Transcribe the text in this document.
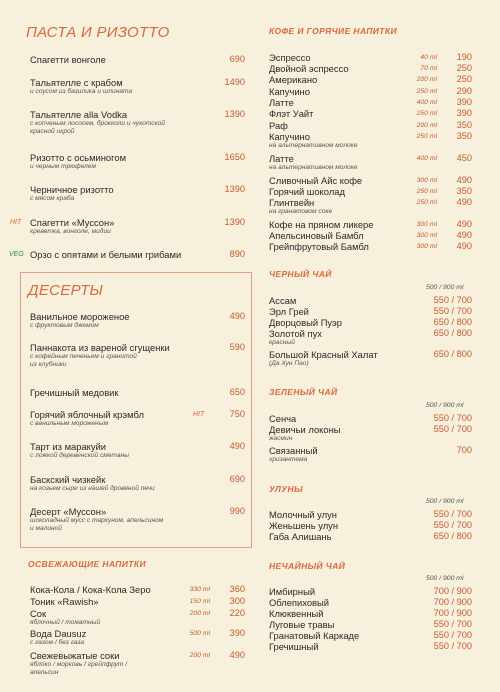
ПАСТА И РИЗОТТО
Спагетти вонголе	690
Тальятелле с крабом
и соусом из базилика и шпината
1490
Тальятелле alla Vodka
с копченым лососем, брокколи и чукотской
красной икрой
1390
Ризотто с осьминогом
и черным трюфелем
1650
Черничное ризотто
с мясом краба
1390
Спагетти «Муссон»
креветка, вонголе, мидии
1390
HIT
Орзо с опятами и белыми грибами	890
VEG
ДЕСЕРТЫ
Ванильное мороженое
с фруктовым джемом
490
Паннакота из вареной сгущенки
с кофейным печеньем и гранитой
из клубники
590
Гречишный медовик	650
Горячий яблочный крэмбл
с ванильным мороженым
750
HIT
Тарт из маракуйи
с ложкой деревенской сметаны
490
Баскский чизкейк
на козьем сыре из нашей дровяной печи
690
Десерт «Муссон»
шоколадный мусс с тархуном, апельсином
и малиной
990
ОСВЕЖАЮЩИЕ НАПИТКИ
Кока-Кола / Кока-Кола Зеро	330 ml	360
Тоник «Rawish»	150 ml	300
Сок
яблочный / томатный
200 ml	220
Вода Dausuz
с газом / без газа
500 ml	390
Свежевыжатые соки
яблоко / морковь / грейпфрут /
апельсин
200 ml	490
КОФЕ И ГОРЯЧИЕ НАПИТКИ
Эспрессо	40 ml	190
Двойной эспрессо	70 ml	250
Американо	200 ml	250
Капучино	250 ml	290
Латте	400 ml	390
Флэт Уайт	250 ml	390
Раф	200 ml	350
Капучино
на альтернативном молоке
250 ml	350
Латте
на альтернативном молоке
400 ml	450
Сливочный Айс кофе	300 ml	490
Горячий шоколад	250 ml	350
Глинтвейн
на гранатовом соке
250 ml	490
Кофе на пряном ликере	300 ml	490
Апельсиновый Бамбл	300 ml	490
Грейпфрутовый Бамбл	300 ml	490
ЧЕРНЫЙ ЧАЙ
500 / 900 ml
Ассам	550 / 700
Эрл Грей	550 / 700
Дворцовый Пуэр	650 / 800
Золотой пух
красный
650 / 800
Большой Красный Халат
(Да Хун Пао)
650 / 800
ЗЕЛЕНЫЙ ЧАЙ
500 / 900 ml
Сенча	550 / 700
Девичьи локоны
жасмин
550 / 700
Связанный
хризантема
700
УЛУНЫ
500 / 900 ml
Молочный улун	550 / 700
Женьшень улун	550 / 700
Габа Алишань	650 / 800
НЕЧАЙНЫЙ ЧАЙ
500 / 900 ml
Имбирный	700 / 900
Облепиховый	700 / 900
Клюквенный	700 / 900
Луговые травы	550 / 700
Гранатовый Каркаде	550 / 700
Гречишный	550 / 700
